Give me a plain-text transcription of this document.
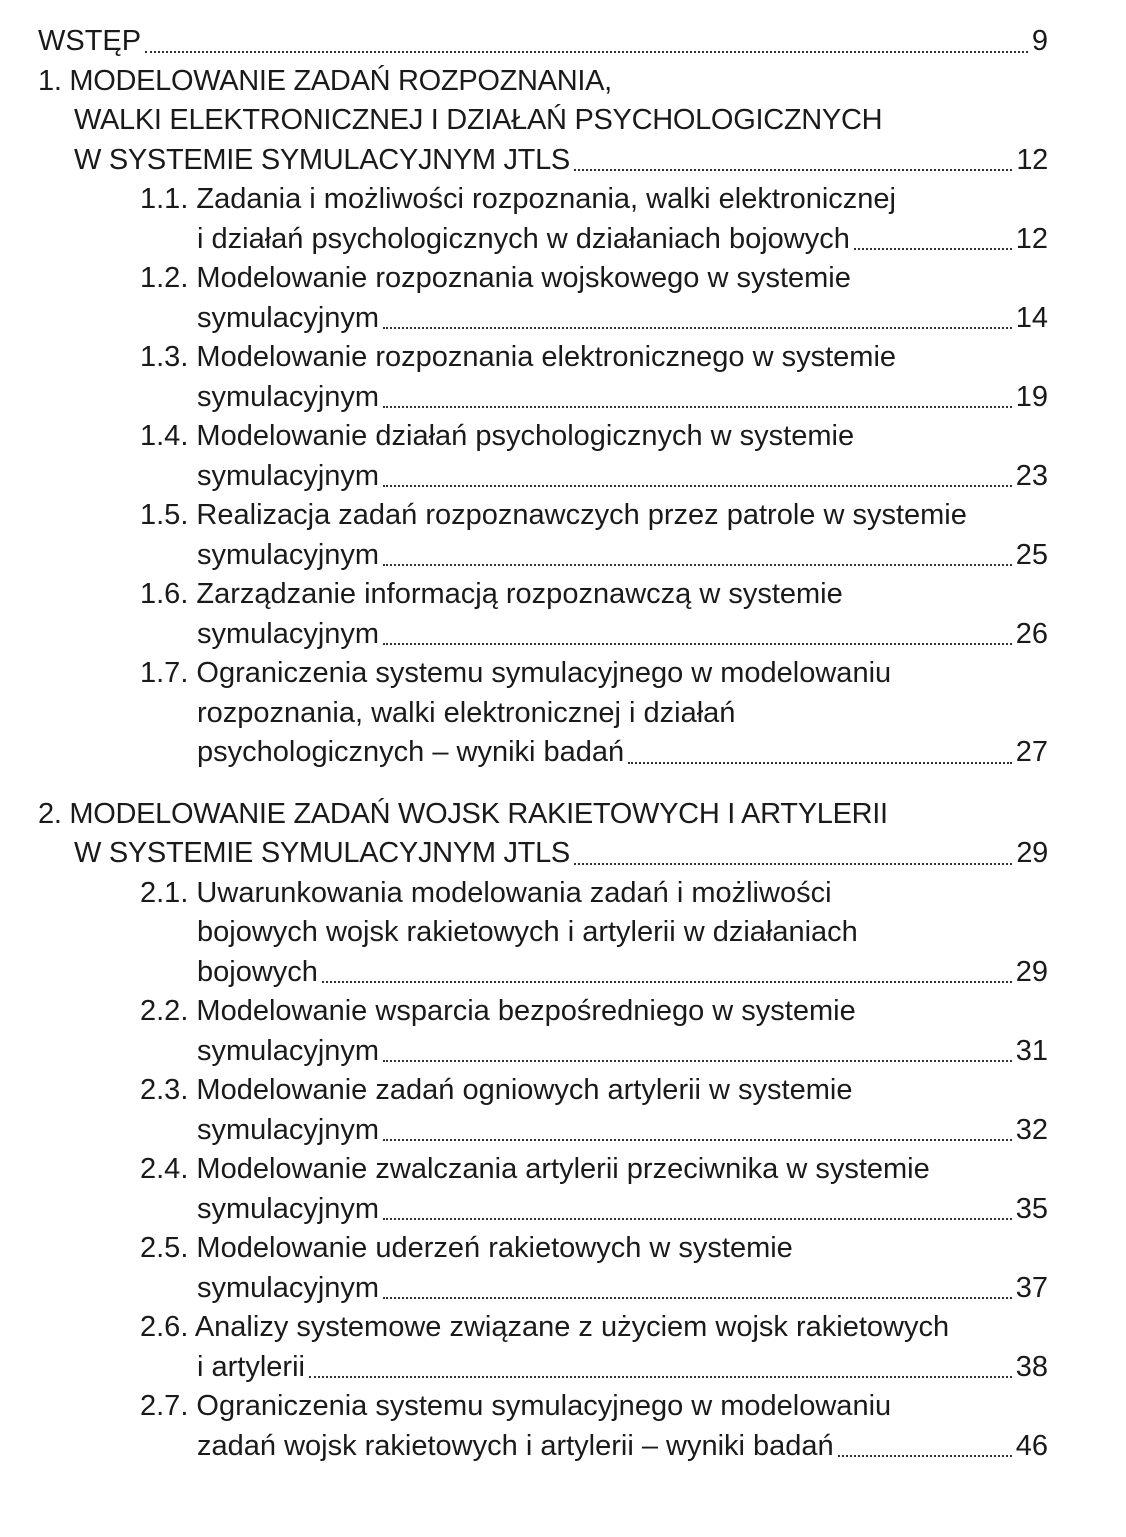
WSTĘP	9
1. MODELOWANIE ZADAŃ ROZPOZNANIA,
WALKI ELEKTRONICZNEJ I DZIAŁAŃ PSYCHOLOGICZNYCH
W SYSTEMIE SYMULACYJNYM JTLS	12
1.1. Zadania i możliwości rozpoznania, walki elektronicznej
i działań psychologicznych w działaniach bojowych	12
1.2. Modelowanie rozpoznania wojskowego w systemie
symulacyjnym	14
1.3. Modelowanie rozpoznania elektronicznego w systemie
symulacyjnym	19
1.4. Modelowanie działań psychologicznych w systemie
symulacyjnym	23
1.5. Realizacja zadań rozpoznawczych przez patrole w systemie
symulacyjnym	25
1.6. Zarządzanie informacją rozpoznawczą w systemie
symulacyjnym	26
1.7. Ograniczenia systemu symulacyjnego w modelowaniu
rozpoznania, walki elektronicznej i działań
psychologicznych – wyniki badań	27
2. MODELOWANIE ZADAŃ WOJSK RAKIETOWYCH I ARTYLERII
W SYSTEMIE SYMULACYJNYM JTLS	29
2.1. Uwarunkowania modelowania zadań i możliwości
bojowych wojsk rakietowych i artylerii w działaniach
bojowych	29
2.2. Modelowanie wsparcia bezpośredniego w systemie
symulacyjnym	31
2.3. Modelowanie zadań ogniowych artylerii w systemie
symulacyjnym	32
2.4. Modelowanie zwalczania artylerii przeciwnika w systemie
symulacyjnym	35
2.5. Modelowanie uderzeń rakietowych w systemie
symulacyjnym	37
2.6. Analizy systemowe związane z użyciem wojsk rakietowych
i artylerii	38
2.7. Ograniczenia systemu symulacyjnego w modelowaniu
zadań wojsk rakietowych i artylerii – wyniki badań	46
